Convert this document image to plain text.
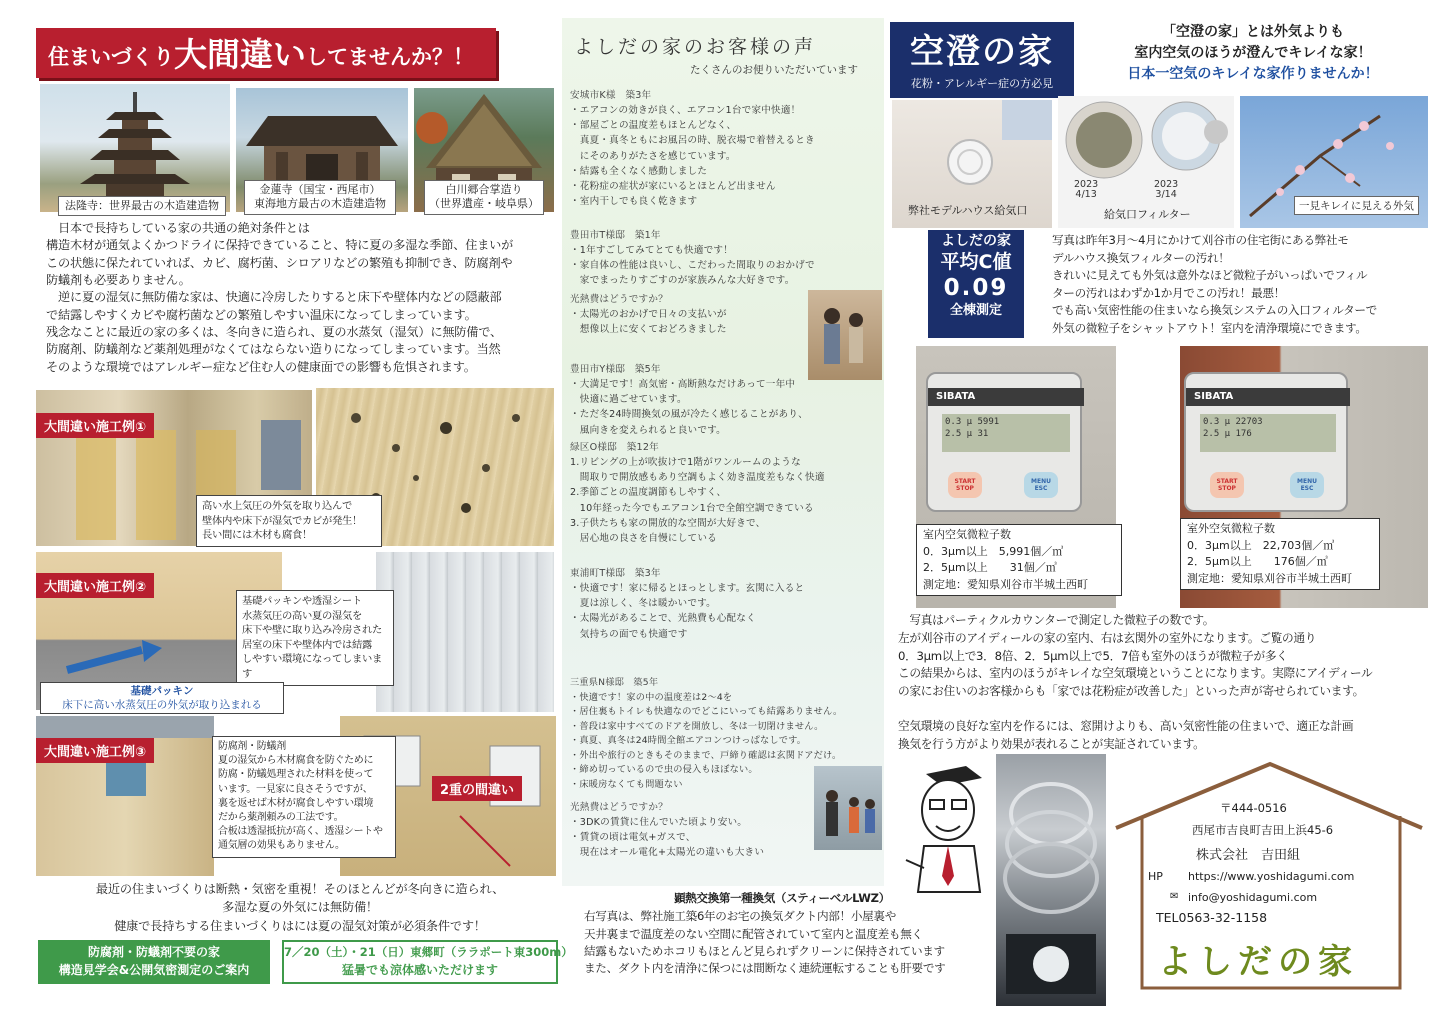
住まいづくり 大間違い してませんか？！
法隆寺：世界最古の木造建造物
金蓮寺（国宝・西尾市）
東海地方最古の木造建造物
白川郷合掌造り
（世界遺産・岐阜県）
　日本で長持ちしている家の共通の絶対条件とは
構造木材が通気よくかつドライに保持できていること、特に夏の多湿な季節、住まいが
この状態に保たれていれば、カビ、腐朽菌、シロアリなどの繁殖も抑制でき、防腐剤や
防蟻剤も必要ありません。
　逆に夏の湿気に無防備な家は、快適に冷房したりすると床下や壁体内などの隠蔽部
で結露しやすくカビや腐朽菌などの繁殖しやすい温床になってしまっています。
残念なことに最近の家の多くは、冬向きに造られ、夏の水蒸気（湿気）に無防備で、
防腐剤、防蟻剤など薬剤処理がなくてはならない造りになってしまっています。当然
そのような環境ではアレルギー症など住む人の健康面での影響も危惧されます。
大間違い施工例①
高い水上気圧の外気を取り込んで
壁体内や床下が湿気でカビが発生！
長い間には木材も腐食！
大間違い施工例②
基礎パッキンや透湿シート
水蒸気圧の高い夏の湿気を
床下や壁に取り込み冷房された
居室の床下や壁体内では結露
しやすい環境になってしまいます
基礎パッキン
床下に高い水蒸気圧の外気が取り込まれる
大間違い施工例③	防腐剤・防蟻剤
夏の湿気から木材腐食を防ぐために
防腐・防蟻処理された材料を使って
います。一見家に良さそうですが、
裏を返せば木材が腐食しやすい環境
だから薬剤頼みの工法です。
合板は透湿抵抗が高く、透湿シートや
通気層の効果もありません。
2重の間違い
最近の住まいづくりは断熱・気密を重視！そのほとんどが冬向きに造られ、
多湿な夏の外気には無防備！
健康で長持ちする住まいづくりはには夏の湿気対策が必須条件です！
防腐剤・防蟻剤不要の家
構造見学会&公開気密測定のご案内
7／20（土）・21（日）東郷町（ララポート東300m）
猛暑でも涼体感いただけます
よしだの家のお客様の声
たくさんのお便りいただいています
安城市K様　築3年
・エアコンの効きが良く、エアコン1台で家中快適！
・部屋ごとの温度差もほとんどなく、
　真夏・真冬ともにお風呂の時、脱衣場で着替えるとき
　にそのありがたさを感じています。
・結露も全くなく感動しました
・花粉症の症状が家にいるとほとんど出ません
・室内干しでも良く乾きます
豊田市T様邸　築1年
・1年すごしてみてとても快適です！
・家自体の性能は良いし、こだわった間取りのおかげで
　家でまったりすごすのが家族みんな大好きです。
光熱費はどうですか？
・太陽光のおかげで日々の支払いが
　想像以上に安くておどろきました
豊田市Y様邸　築5年
・大満足です！高気密・高断熱なだけあって一年中
　快適に過ごせています。
・ただ冬24時間換気の風が冷たく感じることがあり、
　風向きを変えられると良いです。
緑区O様邸　築12年
1.リビングの上が吹抜けで1階がワンルームのような
　間取りで開放感もあり空調もよく効き温度差もなく快適
2.季節ごとの温度調節もしやすく、
　10年経った今でもエアコン1台で全館空調できている
3.子供たちも家の開放的な空間が大好きで、
　居心地の良さを自慢にしている
東浦町T様邸　築3年
・快適です！家に帰るとほっとします。玄関に入ると
　夏は涼しく、冬は暖かいです。
・太陽光があることで、光熱費も心配なく
　気持ちの面でも快適です
三重県N様邸　築5年
・快適です！家の中の温度差は2〜4を
・居住裏もトイレも快適なのでどこにいっても結露ありません。
・普段は家中すべてのドアを開放し、冬は一切閉けません。
・真夏、真冬は24時間全館エアコンつけっぱなしです。
・外出や旅行のときもそのままで、戸締り確認は玄関ドアだけ。
・締め切っているので虫の侵入もほぼない。
・床暖房なくても問題ない
光熱費はどうですか？
・3DKの賃貸に住んでいた頃より安い。
・賃貸の頃は電気+ガスで、
　現在はオール電化+太陽光の違いも大きい
顕熱交換第一種換気（スティーベルLWZ）
右写真は、弊社施工築6年のお宅の換気ダクト内部！小屋裏や
天井裏まで温度差のない空間に配管されていて室内と温度差も無く
結露もないためホコリもほとんど見られずクリーンに保持されています
また、ダクト内を清浄に保つには間断なく連続運転することも肝要です
空澄の家
花粉・アレルギー症の方必見
「空澄の家」とは外気よりも
室内空気のほうが澄んでキレイな家！
日本一空気のキレイな家作りませんか！
弊社モデルハウス給気口
2023
4/13
2023
3/14
給気口フィルター
一見キレイに見える外気
よしだの家
平均C値
0.09
全棟測定
写真は昨年3月～4月にかけて刈谷市の住宅街にある弊社モ
デルハウス換気フィルターの汚れ！
きれいに見えても外気は意外なほど微粒子がいっぱいでフィル
ターの汚れはわずか1か月でこの汚れ！最悪！
でも高い気密性能の住まいなら換気システムの入口フィルターで
外気の微粒子をシャットアウト！室内を清浄環境にできます。
SIBATA
0.3 μ 5991
2.5 μ 31
START
STOP
MENU
ESC
室内空気微粒子数
0．3μm以上　5,991個／㎥
2．5μm以上　　31個／㎥
測定地：愛知県刈谷市半城土西町
SIBATA
0.3 μ 22703
2.5 μ 176
START
STOP
MENU
ESC
室外空気微粒子数
0．3μm以上　22,703個／㎥
2．5μm以上　　176個／㎥
測定地：愛知県刈谷市半城土西町
　写真はパーティクルカウンターで測定した微粒子の数です。
左が刈谷市のアイディールの家の室内、右は玄関外の室外になります。ご覧の通り
0．3μm以上で3．8倍、2．5μm以上で5．7倍も室外のほうが微粒子が多く
この結果からは、室内のほうがキレイな空気環境ということになります。実際にアイディール
の家にお住いのお客様からも「家では花粉症が改善した」といった声が寄せられています。
空気環境の良好な室内を作るには、窓開けよりも、高い気密性能の住まいで、適正な計画
換気を行う方がより効果が表れることが実証されています。
〒444-0516
西尾市吉良町吉田上浜45-6
株式会社　吉田組
HP https://www.yoshidagumi.com
✉ info@yoshidagumi.com
TEL0563-32-1158
よしだの家
